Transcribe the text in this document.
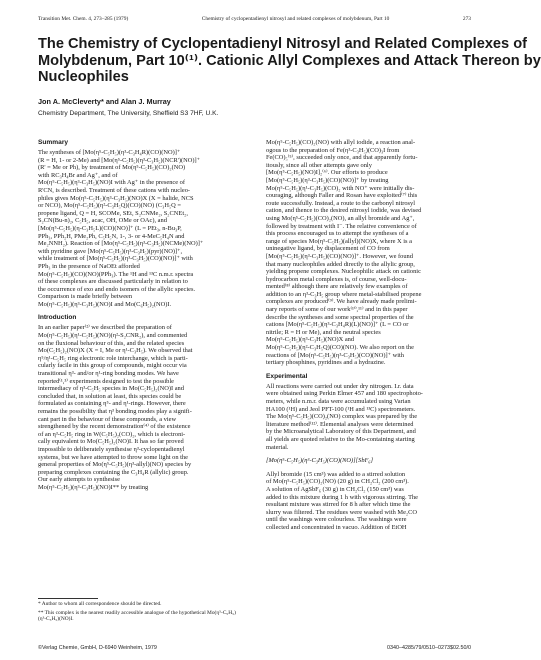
Transition Met. Chem. 4, 273–285 (1979)	Chemistry of cyclopentadienyl nitrosyl and related complexes of molybdenum, Part 10	273
The Chemistry of Cyclopentadienyl Nitrosyl and Related Complexes of
Molybdenum, Part 10⁽¹⁾. Cationic Allyl Complexes and Attack Thereon by
Nucleophiles
Jon A. McCleverty* and Alan J. Murray
Chemistry Department, The University, Sheffield S3 7HF, U.K.
Summary
The syntheses of [Mo(η⁵-C₅H₅)(η³-C₃H₄R)(CO)(NO)]⁺
(R = H, 1- or 2-Me) and [Mo(η⁵-C₅H₅)(η³-C₃H₅)(NCR')(NO)]⁺
(R' = Me or Ph), by treatment of Mo(η⁵-C₅H₅)(CO)₂(NO)
with RC₃H₄Br and Ag⁺, and of
Mo(η⁵-C₅H₅)(η³-C₃H₅)(NO)I with Ag⁺ in the presence of
R'CN, is described. Treatment of these cations with nucleo-
philes gives Mo(η⁵-C₅H₅)(η³-C₃H₅)(NO)X (X = halide, NCS
or NCO), Mo(η⁵-C₅H₅)(η²-C₃H₅Q)(CO)(NO) (C₃H₅Q =
propene ligand, Q = H, SCOMe, SEt, S₂CNMe₂, S₂CNEt₂,
S₂CN(Bu-n)₂, C₅H₅, acac, OH, OMe or OAc), and
[Mo(η⁵-C₅H₅)(η-C₃H₅L)(CO)(NO)]⁺ (L = PEt₃, n-Bu₃P,
PPh₃, PPh₂H, PMe₂Ph, C₅H₅N, 1-, 3- or 4-MeC₅H₄N and
Me₂NNH₂). Reaction of [Mo(η⁵-C₅H₅)(η³-C₃H₅)(NCMe)(NO)]⁺
with pyridine gave [Mo(η⁵-C₅H₅)(η³-C₃H₅)(pyr)(NO)]⁺,
while treatment of [Mo(η⁵-C₅H₅)(η³-C₃H₅)(CO)(NO)]⁺ with
PPh₃ in the presence of NaOEt afforded
Mo(η⁵-C₅H₅)(CO)(NO)(PPh₃). The ¹H and ¹³C n.m.r. spectra
of these complexes are discussed particularly in relation to
the occurrence of exo and endo isomers of the allylic species.
Comparison is made briefly between
Mo(η⁵-C₅H₅)(η³-C₃H₅)(NO)I and Mo(C₆H₅)₂(NO)I.
Introduction
In an earlier paper⁽²⁾ we described the preparation of
Mo(η⁵-C₅H₅)(η¹-C₅H₅)(NO)(η²-S₂CNR₂), and commented
on the fluxional behaviour of this, and the related species
Mo(C₅H₅)₂(NO)X (X = I, Me or η¹-C₃H₅). We observed that
η⁵/η¹-C₅H₅ ring electronic role interchange, which is parti-
cularly facile in this group of compounds, might occur via
transitional η³- and/or η¹-ring bonding modes. We have
reported⁽¹,³⁾ experiments designed to test the possible
intermediacy of η³-C₅H₅ species in Mo(C₅H₅)₂(NO)I and
concluded that, in solution at least, this species could be
formulated as containing η⁵- and η¹-rings. However, there
remains the possibility that η³ bonding modes play a signifi-
cant part in the behaviour of these compounds, a view
strengthened by the recent demonstration⁽⁴⁾ of the existence
of an η³-C₅H₅ ring in W(C₅H₅)₂(CO)₂, which is electroni-
cally equivalent to Mo(C₅H₅)₂(NO)I. It has so far proved
impossible to deliberately synthesise η³-cyclopentadienyl
systems, but we have attempted to throw some light on the
general properties of Mo(η⁵-C₅H₅)(η³-allyl)(NO) species by
preparing complexes containing the C₃H₄R (allylic) group.
Our early attempts to synthesise
Mo(η⁵-C₅H₅)(η³-C₃H₅)(NO)I** by treating
Mo(η⁵-C₅H₅)(CO)₂(NO) with allyl iodide, a reaction anal-
ogous to the preparation of Fe(η³-C₃H₅)(CO)₃I from
Fe(CO)₅⁽⁵⁾, succeeded only once, and that apparently fortu-
itously, since all other attempts gave only
[Mo(η⁵-C₅H₅)(NO)I]₂⁽⁶⁾. Our efforts to produce
[Mo(η⁵-C₅H₅)(η³-C₃H₅)(CO)(NO)]⁺ by treating
Mo(η⁵-C₅H₅)(η¹-C₃H₅)(CO)₂ with NO⁺ were initially dis-
couraging, although Faller and Rosan have exploited⁽⁷⁾ this
route successfully. Instead, a route to the carbonyl nitrosyl
cation, and thence to the desired nitrosyl iodide, was devised
using Mo(η⁵-C₅H₅)(CO)₂(NO), an allyl bromide and Ag⁺,
followed by treatment with I⁻. The relative convenience of
this process encouraged us to attempt the syntheses of a
range of species Mo(η⁵-C₅H₅)(allyl)(NO)X, where X is a
uninegative ligand, by displacement of CO from
[Mo(η⁵-C₅H₅)(η³-C₃H₅)(CO)(NO)]⁺. However, we found
that many nucleophiles added directly to the allylic group,
yielding propene complexes. Nucleophilic attack on cationic
hydrocarbon metal complexes is, of course, well-docu-
mented⁽⁸⁾ although there are relatively few examples of
addition to an η³-C₃H₅ group where metal-stabilised propene
complexes are produced⁽⁹⁾. We have already made prelimi-
nary reports of some of our work⁽¹⁰,¹¹⁾ and in this paper
describe the syntheses and some spectral properties of the
cations [Mo(η⁵-C₅H₅)(η³-C₃H₄R)(L)(NO)]⁺ (L = CO or
nitrile; R = H or Me), and the neutral species
Mo(η⁵-C₅H₅)(η³-C₃H₅)(NO)X and
Mo(η⁵-C₅H₅)(η²-C₃H₅Q)(CO)(NO). We also report on the
reactions of [Mo(η⁵-C₅H₅)(η³-C₃H₅)(CO)(NO)]⁺ with
tertiary phosphines, pyridines and a hydrazine.
Experimental
All reactions were carried out under dry nitrogen. I.r. data
were obtained using Perkin Elmer 457 and 180 spectrophoto-
meters, while n.m.r. data were accumulated using Varian
HA100 (¹H) and Jeol PFT-100 (¹H and ¹³C) spectrometers.
The Mo(η⁵-C₅H₅)(CO)₂(NO) complex was prepared by the
literature method⁽¹²⁾. Elemental analyses were determined
by the Microanalytical Laboratory of this Department, and
all yields are quoted relative to the Mo-containing starting
material.
[Mo(η⁵-C₅H₅)(η³-C₃H₅)(CO)(NO)][SbF₆]
Allyl bromide (15 cm³) was added to a stirred solution
of Mo(η⁵-C₅H₅)(CO)₂(NO) (20 g) in CH₂Cl₂ (200 cm³).
A solution of AgSbF₆ (30 g) in CH₂Cl₂ (150 cm³) was
added to this mixture during 1 h with vigorous stirring. The
resultant mixture was stirred for 8 h after which time the
slurry was filtered. The residues were washed with Me₂CO
until the washings were colourless. The washings were
collected and concentrated in vacuo. Addition of EtOH
* Author to whom all correspondence should be directed.
** This complex is the nearest readily accessible analogue of the hypothetical Mo(η⁵-C₅H₅)(η³-C₅H₅)(NO)I.
©Verlag Chemie, GmbH, D-6940 Weinheim, 1979	0340–4285/79/0510–0273$02.50/0
